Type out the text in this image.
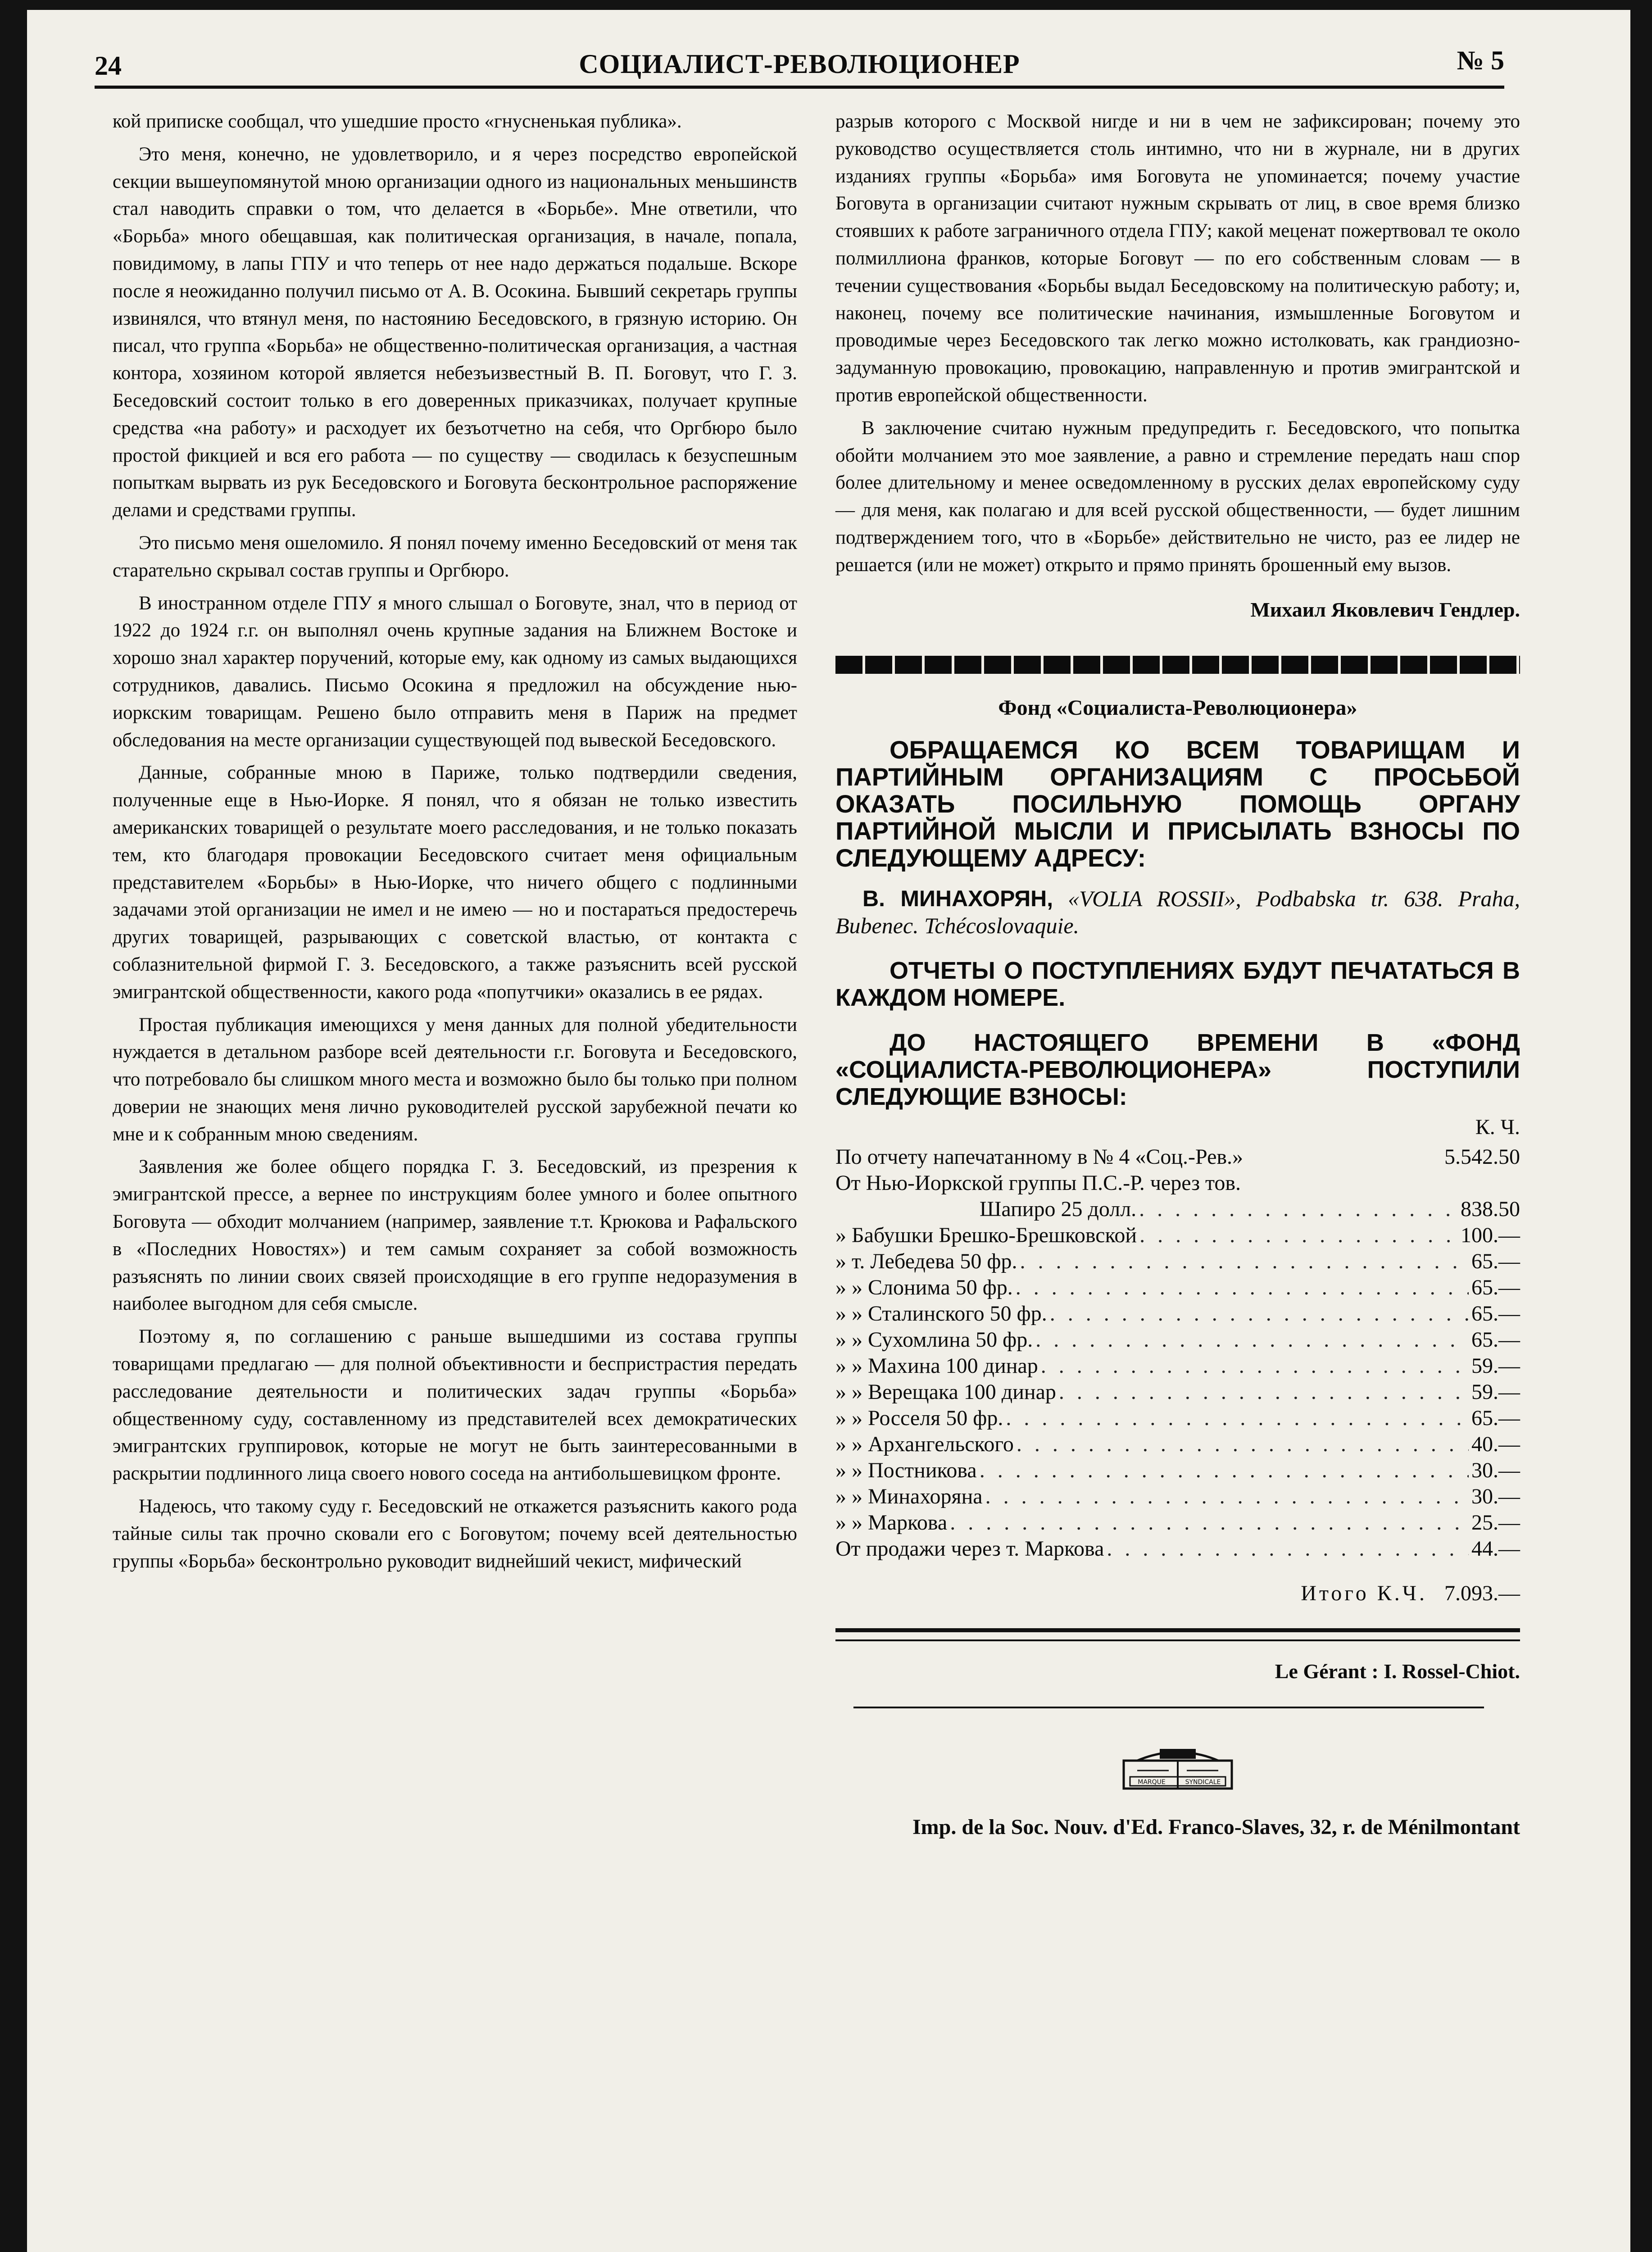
24	СОЦИАЛИСТ-РЕВОЛЮЦИОНЕР	№ 5

кой приписке сообщал, что ушедшие просто «гнусненькая публика».

Это меня, конечно, не удовлетворило, и я через посредство европейской секции вышеупомянутой мною организации одного из национальных меньшинств стал наводить справки о том, что делается в «Борьбе». Мне ответили, что «Борьба» много обещавшая, как политическая организация, в начале, попала, повидимому, в лапы ГПУ и что теперь от нее надо держаться подальше. Вскоре после я неожиданно получил письмо от А. В. Осокина. Бывший секретарь группы извинялся, что втянул меня, по настоянию Беседовского, в грязную историю. Он писал, что группа «Борьба» не общественно-политическая организация, а частная контора, хозяином которой является небезъизвестный В. П. Боговут, что Г. З. Беседовский состоит только в его доверенных приказчиках, получает крупные средства «на работу» и расходует их безъотчетно на себя, что Оргбюро было простой фикцией и вся его работа — по существу — сводилась к безуспешным попыткам вырвать из рук Беседовского и Боговута бесконтрольное распоряжение делами и средствами группы.

Это письмо меня ошеломило. Я понял почему именно Беседовский от меня так старательно скрывал состав группы и Оргбюро.

В иностранном отделе ГПУ я много слышал о Боговуте, знал, что в период от 1922 до 1924 г.г. он выполнял очень крупные задания на Ближнем Востоке и хорошо знал характер поручений, которые ему, как одному из самых выдающихся сотрудников, давались. Письмо Осокина я предложил на обсуждение нью-иоркским товарищам. Решено было отправить меня в Париж на предмет обследования на месте организации существующей под вывеской Беседовского.

Данные, собранные мною в Париже, только подтвердили сведения, полученные еще в Нью-Иорке. Я понял, что я обязан не только известить американских товарищей о результате моего расследования, и не только показать тем, кто благодаря провокации Беседовского считает меня официальным представителем «Борьбы» в Нью-Иорке, что ничего общего с подлинными задачами этой организации не имел и не имею — но и постараться предостеречь других товарищей, разрывающих с советской властью, от контакта с соблазнительной фирмой Г. З. Беседовского, а также разъяснить всей русской эмигрантской общественности, какого рода «попутчики» оказались в ее рядах.

Простая публикация имеющихся у меня данных для полной убедительности нуждается в детальном разборе всей деятельности г.г. Боговута и Беседовского, что потребовало бы слишком много места и возможно было бы только при полном доверии не знающих меня лично руководителей русской зарубежной печати ко мне и к собранным мною сведениям.

Заявления же более общего порядка Г. З. Беседовский, из презрения к эмигрантской прессе, а вернее по инструкциям более умного и более опытного Боговута — обходит молчанием (например, заявление т.т. Крюкова и Рафальского в «Последних Новостях») и тем самым сохраняет за собой возможность разъяснять по линии своих связей происходящие в его группе недоразумения в наиболее выгодном для себя смысле.

Поэтому я, по соглашению с раньше вышедшими из состава группы товарищами предлагаю — для полной объективности и беспристрастия передать расследование деятельности и политических задач группы «Борьба» общественному суду, составленному из представителей всех демократических эмигрантских группировок, которые не могут не быть заинтересованными в раскрытии подлинного лица своего нового соседа на антибольшевицком фронте.

Надеюсь, что такому суду г. Беседовский не откажется разъяснить какого рода тайные силы так прочно сковали его с Боговутом; почему всей деятельностью группы «Борьба» бесконтрольно руководит виднейший чекист, мифический

разрыв которого с Москвой нигде и ни в чем не зафиксирован; почему это руководство осуществляется столь интимно, что ни в журнале, ни в других изданиях группы «Борьба» имя Боговута не упоминается; почему участие Боговута в организации считают нужным скрывать от лиц, в свое время близко стоявших к работе заграничного отдела ГПУ; какой меценат пожертвовал те около полмиллиона франков, которые Боговут — по его собственным словам — в течении существования «Борьбы выдал Беседовскому на политическую работу; и, наконец, почему все политические начинания, измышленные Боговутом и проводимые через Беседовского так легко можно истолковать, как грандиозно-задуманную провокацию, провокацию, направленную и против эмигрантской и против европейской общественности.

В заключение считаю нужным предупредить г. Беседовского, что попытка обойти молчанием это мое заявление, а равно и стремление передать наш спор более длительному и менее осведомленному в русских делах европейскому суду — для меня, как полагаю и для всей русской общественности, — будет лишним подтверждением того, что в «Борьбе» действительно не чисто, раз ее лидер не решается (или не может) открыто и прямо принять брошенный ему вызов.

Михаил Яковлевич Гендлер.

Фонд «Социалиста-Революционера»
ОБРАЩАЕМСЯ КО ВСЕМ ТОВАРИЩАМ И ПАРТИЙНЫМ ОРГАНИЗАЦИЯМ С ПРОСЬБОЙ ОКАЗАТЬ ПОСИЛЬНУЮ ПОМОЩЬ ОРГАНУ ПАРТИЙНОЙ МЫСЛИ И ПРИСЫЛАТЬ ВЗНОСЫ ПО СЛЕДУЮЩЕМУ АДРЕСУ:
В. МИНАХОРЯН, «VOLIA ROSSII», Podbabska tr. 638. Praha, Bubenec. Tchécoslovaquie.
ОТЧЕТЫ О ПОСТУПЛЕНИЯХ БУДУТ ПЕЧАТАТЬСЯ В КАЖДОМ НОМЕРЕ.
ДО НАСТОЯЩЕГО ВРЕМЕНИ В «ФОНД «СОЦИАЛИСТА-РЕВОЛЮЦИОНЕРА» ПОСТУПИЛИ СЛЕДУЮЩИЕ ВЗНОСЫ:
К. Ч.
По отчету напечатанному в № 4 «Соц.-Рев.»	5.542.50
От Нью-Иоркской группы П.С.-Р. через тов.
Шапиро 25 долл. . . .	838.50
» Бабушки Брешко-Брешковской . . .	100.—
» т. Лебедева 50 фр. . . .	65.—
» » Слонима 50 фр. . . .	65.—
» » Сталинского 50 фр. . . .	65.—
» » Сухомлина 50 фр. . . .	65.—
» » Махина 100 динар . . .	59.—
» » Верещака 100 динар . . .	59.—
» » Росселя 50 фр. . . .	65.—
» » Архангельского . . .	40.—
» » Постникова . . .	30.—
» » Минахоряна . . .	30.—
» » Маркова . . .	25.—
От продажи через т. Маркова . . .	44.—
Итого К.Ч. 7.093.—
Le Gérant : I. Rossel-Chiot.
MARQUE	SYNDICALE
Imp. de la Soc. Nouv. d'Ed. Franco-Slaves, 32, r. de Ménilmontant
